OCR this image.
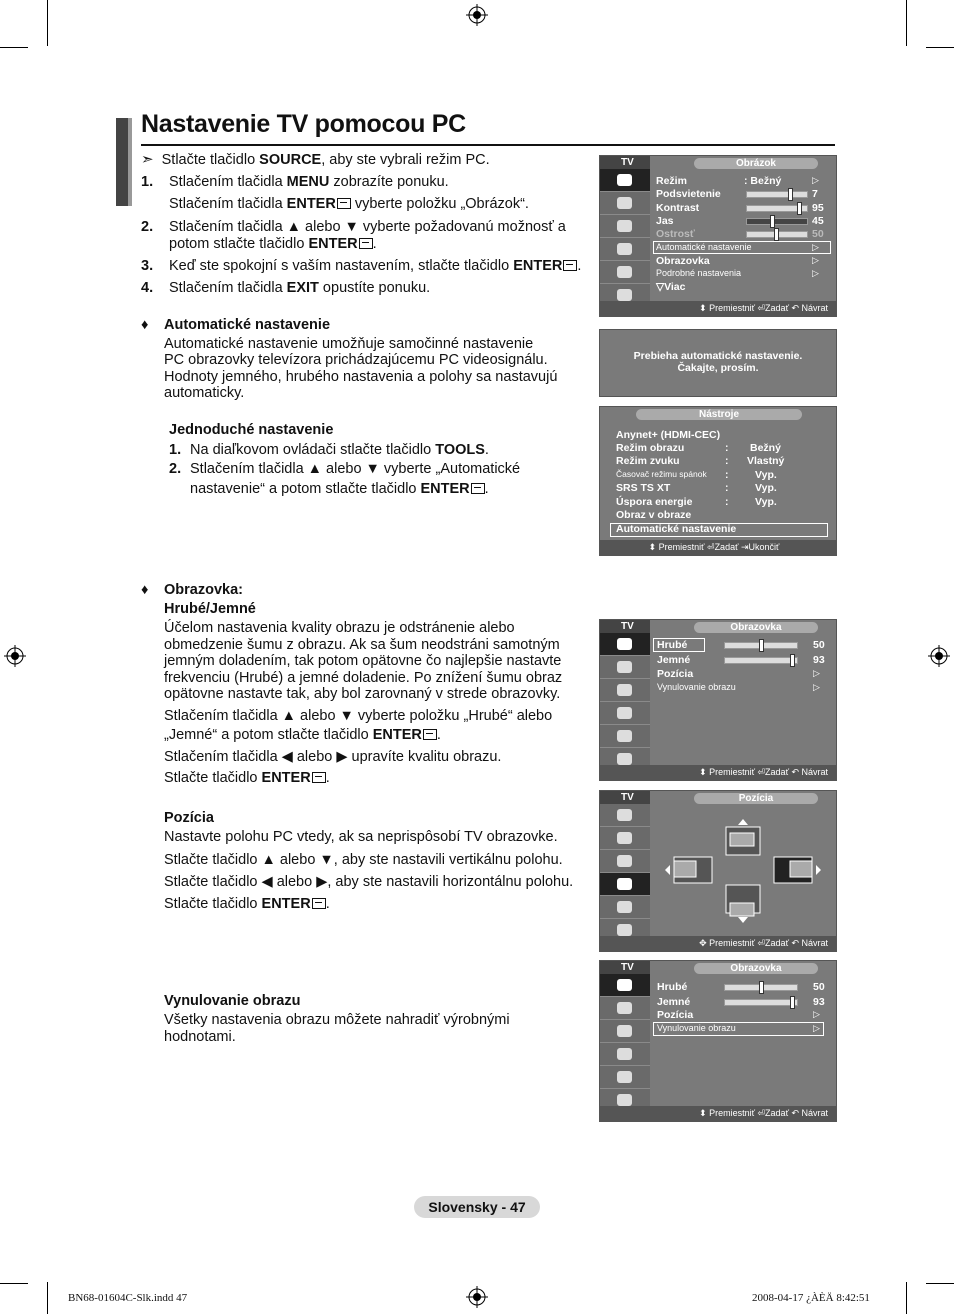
Nastavenie TV pomocou PC
➣ Stlačte tlačidlo SOURCE, aby ste vybrali režim PC.
1. Stlačením tlačidla MENU zobrazíte ponuku.
Stlačením tlačidla ENTER vyberte položku „Obrázok“.
2. Stlačením tlačidla ▲ alebo ▼ vyberte požadovanú možnosť a
potom stlačte tlačidlo ENTER .
3. Keď ste spokojní s vaším nastavením, stlačte tlačidlo ENTER .
4. Stlačením tlačidla EXIT opustíte ponuku.
♦ Automatické nastavenie
Automatické nastavenie umožňuje samočinné nastavenie
PC obrazovky televízora prichádzajúcemu PC videosignálu.
Hodnoty jemného, hrubého nastavenia a polohy sa nastavujú
automaticky.
Jednoduché nastavenie
1. Na diaľkovom ovládači stlačte tlačidlo TOOLS.
2. Stlačením tlačidla ▲ alebo ▼ vyberte „Automatické
nastavenie“ a potom stlačte tlačidlo ENTER .
♦ Obrazovka:
Hrubé/Jemné
Účelom nastavenia kvality obrazu je odstránenie alebo
obmedzenie šumu z obrazu. Ak sa šum neodstráni samotným
jemným doladením, tak potom opätovne čo najlepšie nastavte
frekvenciu (Hrubé) a jemné doladenie. Po znížení šumu obraz
opätovne nastavte tak, aby bol zarovnaný v strede obrazovky.
Stlačením tlačidla ▲ alebo ▼ vyberte položku „Hrubé“ alebo
„Jemné“ a potom stlačte tlačidlo ENTER .
Stlačením tlačidla ◀ alebo ▶ upravíte kvalitu obrazu.
Stlačte tlačidlo ENTER .
Pozícia
Nastavte polohu PC vtedy, ak sa neprispôsobí TV obrazovke.
Stlačte tlačidlo ▲ alebo ▼, aby ste nastavili vertikálnu polohu.
Stlačte tlačidlo ◀ alebo ▶, aby ste nastavili horizontálnu polohu.
Stlačte tlačidlo ENTER .
Vynulovanie obrazu
Všetky nastavenia obrazu môžete nahradiť výrobnými
hodnotami.
TV	Obrázok
Režim	: Bežný	▷
Podsvietenie	7
Kontrast	95
Jas	45
Ostrosť	50
Automatické nastavenie	▷
Obrazovka	▷
Podrobné nastavenia	▷
▽Viac
⬍ Premiestniť ⏎Zadať ↶ Návrat
Prebieha automatické nastavenie.
Čakajte, prosím.
Nástroje
Anynet+ (HDMI-CEC)
Režim obrazu	: Bežný
Režim zvuku	: Vlastný
Časovač režimu spánok :	Vyp.
SRS TS XT	:	Vyp.
Úspora energie	:	Vyp.
Obraz v obraze
Automatické nastavenie
⬍ Premiestniť ⏎Zadať ⇥Ukončiť
TV	Obrazovka
Hrubé	50
Jemné	93
Pozícia	▷
Vynulovanie obrazu	▷
⬍ Premiestniť ⏎Zadať ↶ Návrat
TV	Pozícia
✥ Premiestniť ⏎Zadať ↶ Návrat
TV	Obrazovka
Hrubé	50
Jemné	93
Pozícia	▷
Vynulovanie obrazu	▷
⬍ Premiestniť ⏎Zadať ↶ Návrat
Slovensky - 47
BN68-01604C-Slk.indd 47	2008-04-17 ¿ÀÈÄ 8:42:51
